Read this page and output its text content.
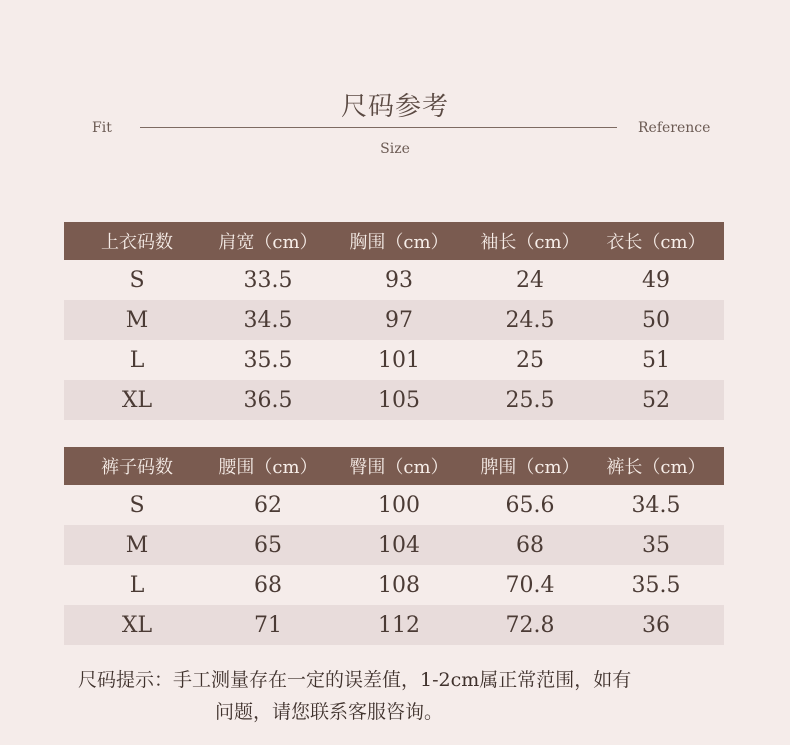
尺码参考
Fit	Reference
Size
上衣码数	肩宽（cm）	胸围（cm）	袖长（cm）	衣长（cm）
S	33.5	93	24	49
M	34.5	97	24.5	50
L	35.5	101	25	51
XL	36.5	105	25.5	52
裤子码数	腰围（cm）	臀围（cm）	脾围（cm）	裤长（cm）
S	62	100	65.6	34.5
M	65	104	68	35
L	68	108	70.4	35.5
XL	71	112	72.8	36
尺码提示：手工测量存在一定的误差值，1-2cm属正常范围，如有
问题，请您联系客服咨询。
